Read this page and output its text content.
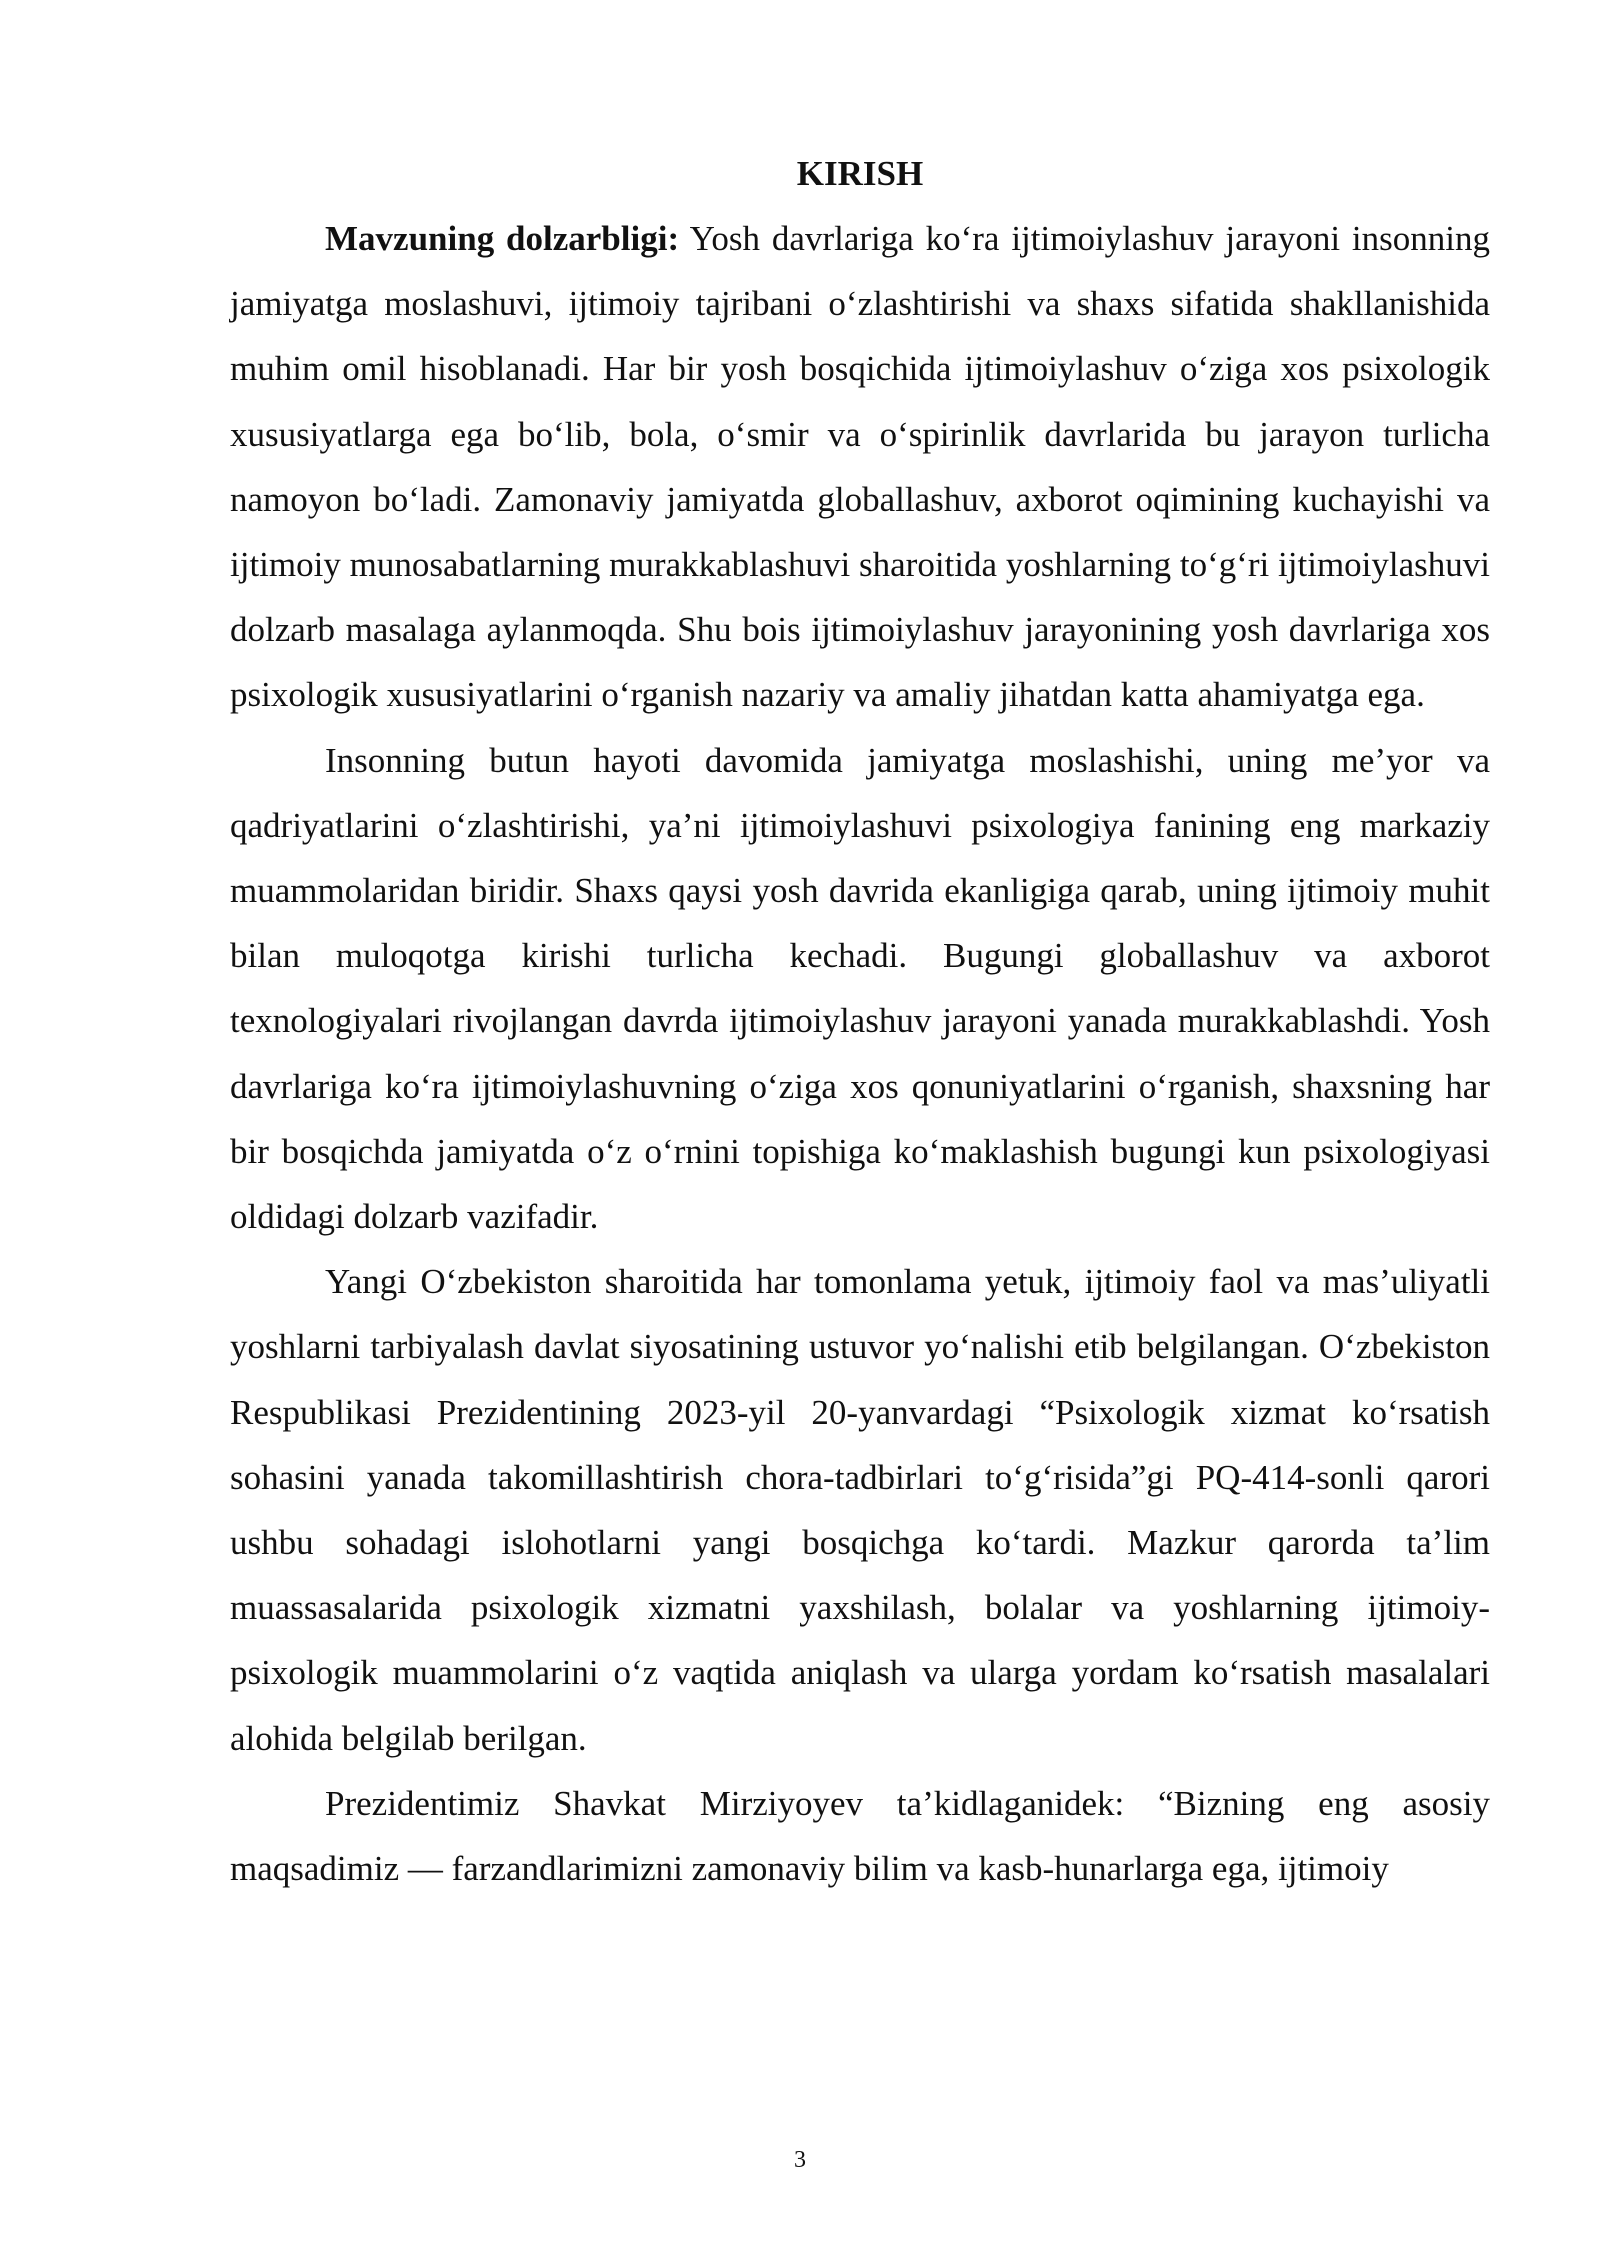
KIRISH

Mavzuning dolzarbligi: Yosh davrlariga koʻra ijtimoiylashuv jarayoni insonning jamiyatga moslashuvi, ijtimoiy tajribani oʻzlashtirishi va shaxs sifatida shakllanishida muhim omil hisoblanadi. Har bir yosh bosqichida ijtimoiylashuv oʻziga xos psixologik xususiyatlarga ega boʻlib, bola, oʻsmir va oʻspirinlik davrlarida bu jarayon turlicha namoyon boʻladi. Zamonaviy jamiyatda globallashuv, axborot oqimining kuchayishi va ijtimoiy munosabatlarning murakkablashuvi sharoitida yoshlarning toʻgʻri ijtimoiylashuvi dolzarb masalaga aylanmoqda. Shu bois ijtimoiylashuv jarayonining yosh davrlariga xos psixologik xususiyatlarini oʻrganish nazariy va amaliy jihatdan katta ahamiyatga ega.

Insonning butun hayoti davomida jamiyatga moslashishi, uning me’yor va qadriyatlarini oʻzlashtirishi, ya’ni ijtimoiylashuvi psixologiya fanining eng markaziy muammolaridan biridir. Shaxs qaysi yosh davrida ekanligiga qarab, uning ijtimoiy muhit bilan muloqotga kirishi turlicha kechadi. Bugungi globallashuv va axborot texnologiyalari rivojlangan davrda ijtimoiylashuv jarayoni yanada murakkablashdi. Yosh davrlariga koʻra ijtimoiylashuvning oʻziga xos qonuniyatlarini oʻrganish, shaxsning har bir bosqichda jamiyatda oʻz oʻrnini topishiga koʻmaklashish bugungi kun psixologiyasi oldidagi dolzarb vazifadir.

Yangi Oʻzbekiston sharoitida har tomonlama yetuk, ijtimoiy faol va mas’uliyatli yoshlarni tarbiyalash davlat siyosatining ustuvor yoʻnalishi etib belgilangan. Oʻzbekiston Respublikasi Prezidentining 2023-yil 20-yanvardagi “Psixologik xizmat koʻrsatish sohasini yanada takomillashtirish chora-tadbirlari toʻgʻrisida”gi PQ-414-sonli qarori ushbu sohadagi islohotlarni yangi bosqichga koʻtardi. Mazkur qarorda ta’lim muassasalarida psixologik xizmatni yaxshilash, bolalar va yoshlarning ijtimoiy-psixologik muammolarini oʻz vaqtida aniqlash va ularga yordam koʻrsatish masalalari alohida belgilab berilgan.

Prezidentimiz Shavkat Mirziyoyev ta’kidlaganidek: “Bizning eng asosiy maqsadimiz — farzandlarimizni zamonaviy bilim va kasb-hunarlarga ega, ijtimoiy

3
